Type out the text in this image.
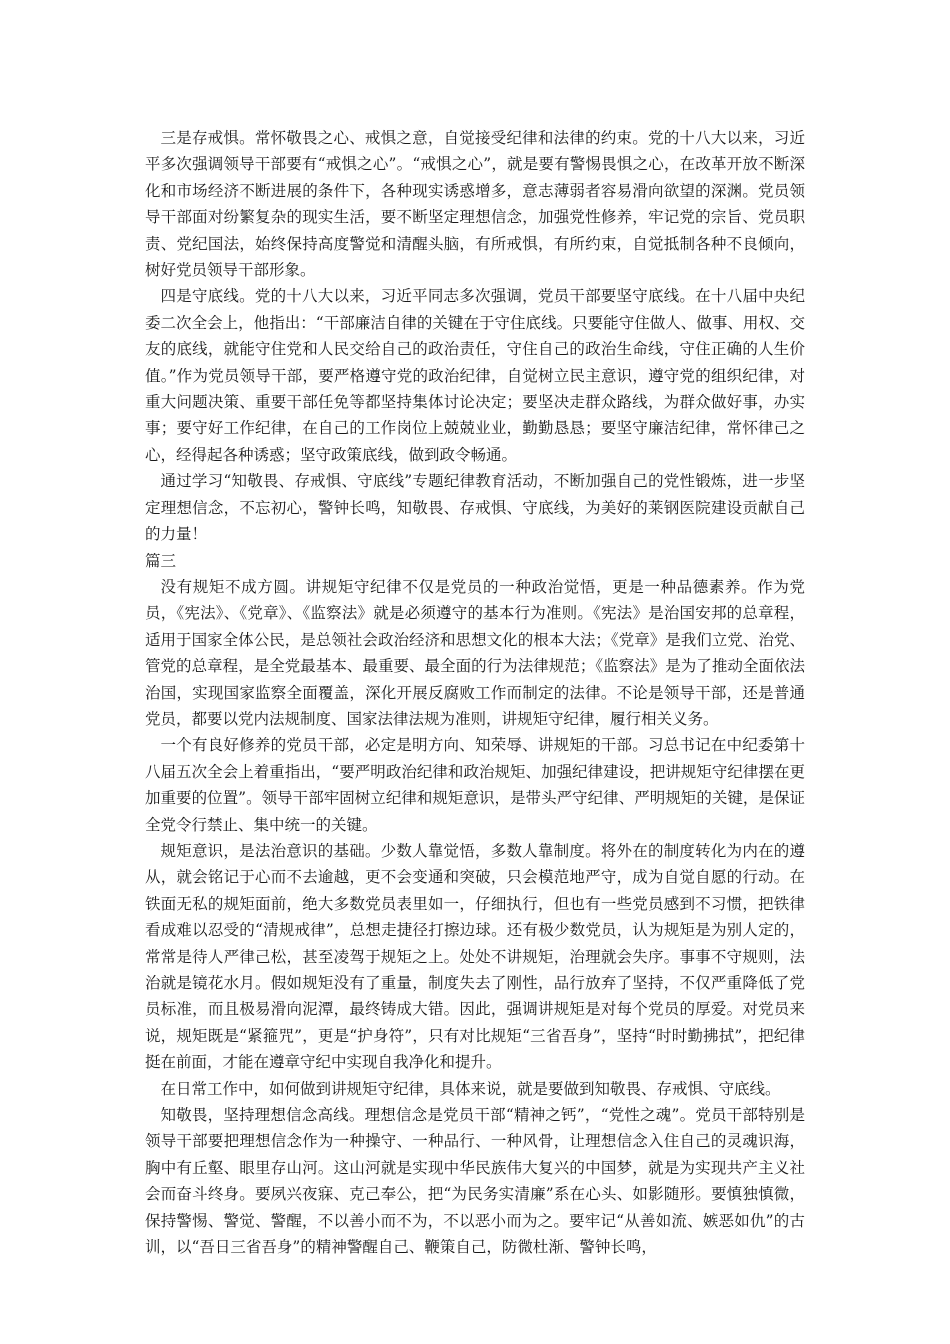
三是存戒惧。常怀敬畏之心、戒惧之意，自觉接受纪律和法律的约束。党的十八大以来，习近平多次强调领导干部要有“戒惧之心”。“戒惧之心”，就是要有警惕畏惧之心，在改革开放不断深化和市场经济不断进展的条件下，各种现实诱惑增多，意志薄弱者容易滑向欲望的深渊。党员领导干部面对纷繁复杂的现实生活，要不断坚定理想信念，加强党性修养，牢记党的宗旨、党员职责、党纪国法，始终保持高度警觉和清醒头脑，有所戒惧，有所约束，自觉抵制各种不良倾向，树好党员领导干部形象。

四是守底线。党的十八大以来，习近平同志多次强调，党员干部要坚守底线。在十八届中央纪委二次全会上，他指出：“干部廉洁自律的关键在于守住底线。只要能守住做人、做事、用权、交友的底线，就能守住党和人民交给自己的政治责任，守住自己的政治生命线，守住正确的人生价值。”作为党员领导干部，要严格遵守党的政治纪律，自觉树立民主意识，遵守党的组织纪律，对重大问题决策、重要干部任免等都坚持集体讨论决定；要坚决走群众路线，为群众做好事，办实事；要守好工作纪律，在自己的工作岗位上兢兢业业，勤勤恳恳；要坚守廉洁纪律，常怀律己之心，经得起各种诱惑；坚守政策底线，做到政令畅通。

通过学习“知敬畏、存戒惧、守底线”专题纪律教育活动，不断加强自己的党性锻炼，进一步坚定理想信念，不忘初心，警钟长鸣，知敬畏、存戒惧、守底线，为美好的莱钢医院建设贡献自己的力量！

篇三

没有规矩不成方圆。讲规矩守纪律不仅是党员的一种政治觉悟，更是一种品德素养。作为党员，《宪法》、《党章》、《监察法》就是必须遵守的基本行为准则。《宪法》是治国安邦的总章程，适用于国家全体公民，是总领社会政治经济和思想文化的根本大法；《党章》是我们立党、治党、管党的总章程，是全党最基本、最重要、最全面的行为法律规范；《监察法》是为了推动全面依法治国，实现国家监察全面覆盖，深化开展反腐败工作而制定的法律。不论是领导干部，还是普通党员，都要以党内法规制度、国家法律法规为准则，讲规矩守纪律，履行相关义务。

一个有良好修养的党员干部，必定是明方向、知荣辱、讲规矩的干部。习总书记在中纪委第十八届五次全会上着重指出，“要严明政治纪律和政治规矩、加强纪律建设，把讲规矩守纪律摆在更加重要的位置”。领导干部牢固树立纪律和规矩意识，是带头严守纪律、严明规矩的关键，是保证全党令行禁止、集中统一的关键。

规矩意识，是法治意识的基础。少数人靠觉悟，多数人靠制度。将外在的制度转化为内在的遵从，就会铭记于心而不去逾越，更不会变通和突破，只会模范地严守，成为自觉自愿的行动。在铁面无私的规矩面前，绝大多数党员表里如一，仔细执行，但也有一些党员感到不习惯，把铁律看成难以忍受的“清规戒律”，总想走捷径打擦边球。还有极少数党员，认为规矩是为别人定的，常常是待人严律己松，甚至凌驾于规矩之上。处处不讲规矩，治理就会失序。事事不守规则，法治就是镜花水月。假如规矩没有了重量，制度失去了刚性，品行放弃了坚持，不仅严重降低了党员标准，而且极易滑向泥潭，最终铸成大错。因此，强调讲规矩是对每个党员的厚爱。对党员来说，规矩既是“紧箍咒”，更是“护身符”，只有对比规矩“三省吾身”，坚持“时时勤拂拭”，把纪律挺在前面，才能在遵章守纪中实现自我净化和提升。

在日常工作中，如何做到讲规矩守纪律，具体来说，就是要做到知敬畏、存戒惧、守底线。

知敬畏，坚持理想信念高线。理想信念是党员干部“精神之钙”，“党性之魂”。党员干部特别是领导干部要把理想信念作为一种操守、一种品行、一种风骨，让理想信念入住自己的灵魂识海，胸中有丘壑、眼里存山河。这山河就是实现中华民族伟大复兴的中国梦，就是为实现共产主义社会而奋斗终身。要夙兴夜寐、克己奉公，把“为民务实清廉”系在心头、如影随形。要慎独慎微，保持警惕、警觉、警醒，不以善小而不为，不以恶小而为之。要牢记“从善如流、嫉恶如仇”的古训，以“吾日三省吾身”的精神警醒自己、鞭策自己，防微杜渐、警钟长鸣，
